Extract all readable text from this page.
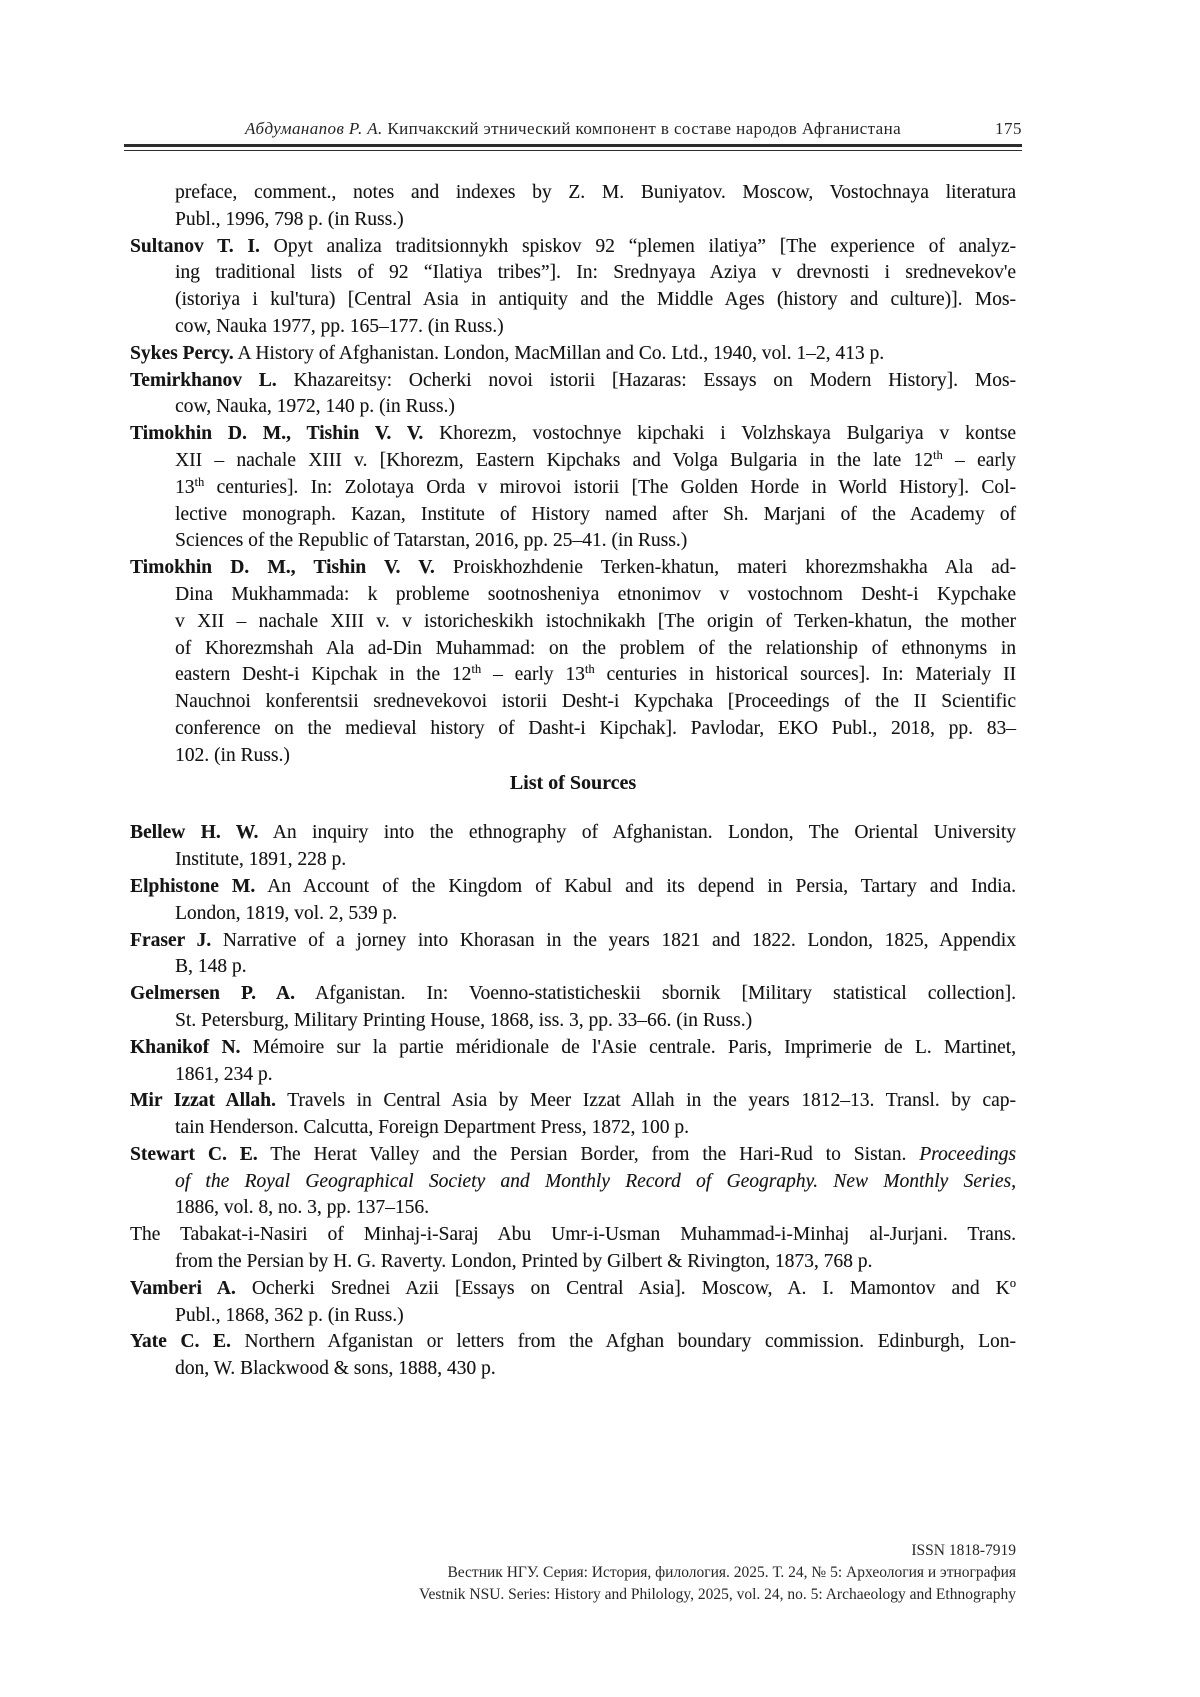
Абдуманапов Р. А. Кипчакский этнический компонент в составе народов Афганистана	175
preface, comment., notes and indexes by Z. M. Buniyatov. Moscow, Vostochnaya literatura
Publ., 1996, 798 p. (in Russ.)
Sultanov T. I. Opyt analiza traditsionnykh spiskov 92 “plemen ilatiya” [The experience of analyz-
ing traditional lists of 92 “Ilatiya tribes”]. In: Srednyaya Aziya v drevnosti i srednevekov'e
(istoriya i kul'tura) [Central Asia in antiquity and the Middle Ages (history and culture)]. Mos-
cow, Nauka 1977, pp. 165–177. (in Russ.)
Sykes Percy. A History of Afghanistan. London, MacMillan and Co. Ltd., 1940, vol. 1–2, 413 p.
Temirkhanov L. Khazareitsy: Ocherki novoi istorii [Hazaras: Essays on Modern History]. Mos-
cow, Nauka, 1972, 140 p. (in Russ.)
Timokhin D. M., Tishin V. V. Khorezm, vostochnye kipchaki i Volzhskaya Bulgariya v kontse
XII – nachale XIII v. [Khorezm, Eastern Kipchaks and Volga Bulgaria in the late 12th – early
13th centuries]. In: Zolotaya Orda v mirovoi istorii [The Golden Horde in World History]. Col-
lective monograph. Kazan, Institute of History named after Sh. Marjani of the Academy of
Sciences of the Republic of Tatarstan, 2016, pp. 25–41. (in Russ.)
Timokhin D. M., Tishin V. V. Proiskhozhdenie Terken-khatun, materi khorezmshakha Ala ad-
Dina Mukhammada: k probleme sootnosheniya etnonimov v vostochnom Desht-i Kypchake
v XII – nachale XIII v. v istoricheskikh istochnikakh [The origin of Terken-khatun, the mother
of Khorezmshah Ala ad-Din Muhammad: on the problem of the relationship of ethnonyms in
eastern Desht-i Kipchak in the 12th – early 13th centuries in historical sources]. In: Materialy II
Nauchnoi konferentsii srednevekovoi istorii Desht-i Kypchaka [Proceedings of the II Scientific
conference on the medieval history of Dasht-i Kipchak]. Pavlodar, EKO Publ., 2018, pp. 83–
102. (in Russ.)
List of Sources
Bellew H. W. An inquiry into the ethnography of Afghanistan. London, The Oriental University
Institute, 1891, 228 p.
Elphistone M. An Account of the Kingdom of Kabul and its depend in Persia, Tartary and India.
London, 1819, vol. 2, 539 p.
Fraser J. Narrative of a jorney into Khorasan in the years 1821 and 1822. London, 1825, Appendix
B, 148 p.
Gelmersen P. A. Afganistan. In: Voenno-statisticheskii sbornik [Military statistical collection].
St. Petersburg, Military Printing House, 1868, iss. 3, pp. 33–66. (in Russ.)
Khanikof N. Mémoire sur la partie méridionale de l'Asie centrale. Paris, Imprimerie de L. Martinet,
1861, 234 p.
Mir Izzat Allah. Travels in Central Asia by Meer Izzat Allah in the years 1812–13. Transl. by cap-
tain Henderson. Calcutta, Foreign Department Press, 1872, 100 p.
Stewart C. E. The Herat Valley and the Persian Border, from the Hari-Rud to Sistan. Proceedings
of the Royal Geographical Society and Monthly Record of Geography. New Monthly Series,
1886, vol. 8, no. 3, pp. 137–156.
The Tabakat-i-Nasiri of Minhaj-i-Saraj Abu Umr-i-Usman Muhammad-i-Minhaj al-Jurjani. Trans.
from the Persian by H. G. Raverty. London, Printed by Gilbert & Rivington, 1873, 768 p.
Vamberi A. Ocherki Srednei Azii [Essays on Central Asia]. Moscow, A. I. Mamontov and $K^o$
Publ., 1868, 362 p. (in Russ.)
Yate C. E. Northern Afganistan or letters from the Afghan boundary commission. Edinburgh, Lon-
don, W. Blackwood & sons, 1888, 430 p.
ISSN 1818-7919
Вестник НГУ. Серия: История, филология. 2025. Т. 24, № 5: Археология и этнография
Vestnik NSU. Series: History and Philology, 2025, vol. 24, no. 5: Archaeology and Ethnography
